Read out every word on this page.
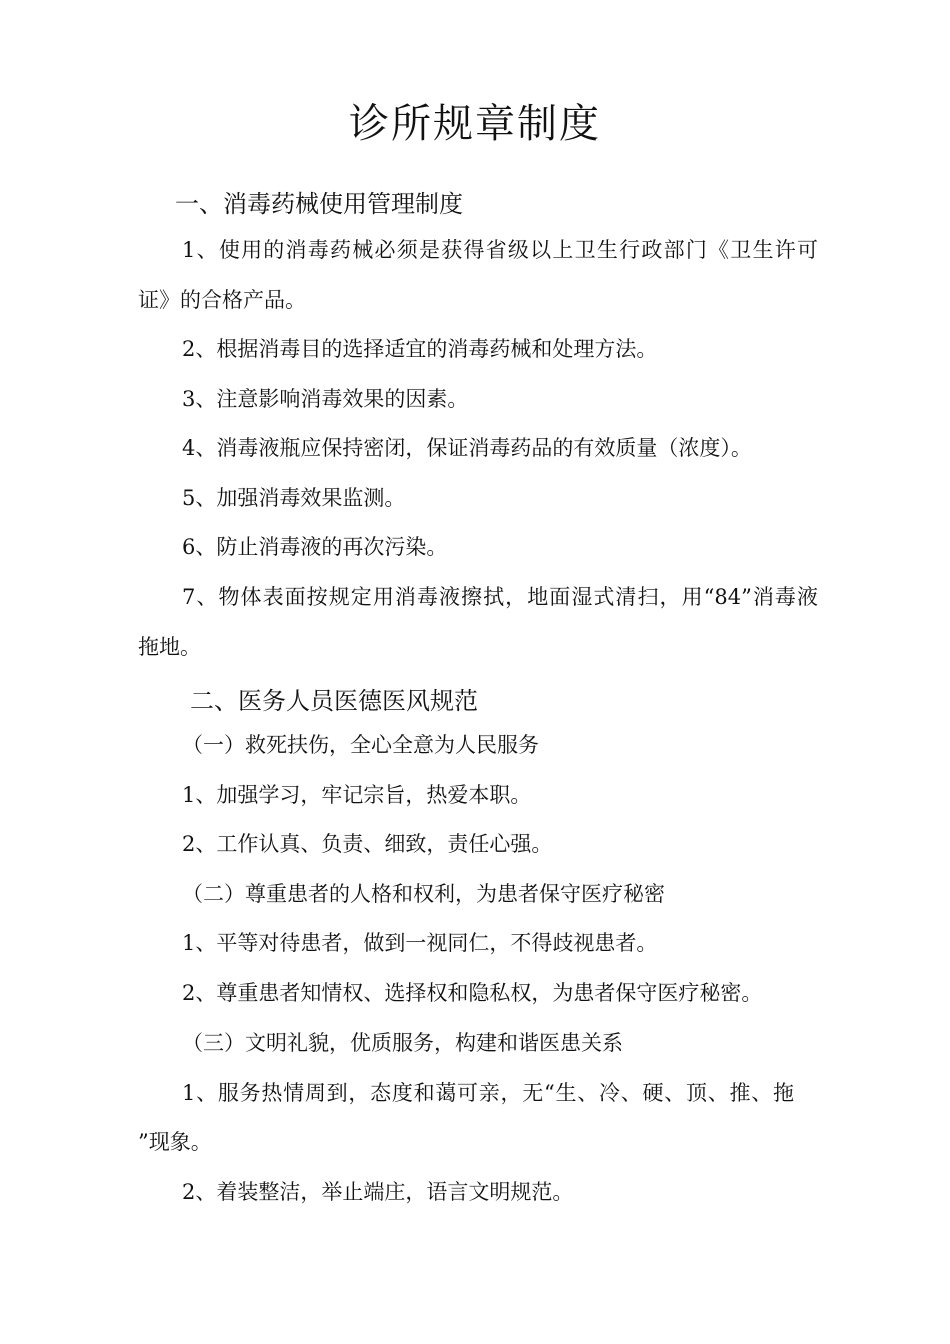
诊所规章制度
一、消毒药械使用管理制度
1、使用的消毒药械必须是获得省级以上卫生行政部门《卫生许可
证》的合格产品。
2、根据消毒目的选择适宜的消毒药械和处理方法。
3、注意影响消毒效果的因素。
4、消毒液瓶应保持密闭，保证消毒药品的有效质量（浓度）。
5、加强消毒效果监测。
6、防止消毒液的再次污染。
7、物体表面按规定用消毒液擦拭，地面湿式清扫，用“84”消毒液
拖地。
二、医务人员医德医风规范
（一）救死扶伤，全心全意为人民服务
1、加强学习，牢记宗旨，热爱本职。
2、工作认真、负责、细致，责任心强。
（二）尊重患者的人格和权利，为患者保守医疗秘密
1、平等对待患者，做到一视同仁，不得歧视患者。
2、尊重患者知情权、选择权和隐私权，为患者保守医疗秘密。
（三）文明礼貌，优质服务，构建和谐医患关系
1、服务热情周到，态度和蔼可亲，无“生、冷、硬、顶、推、拖
”现象。
2、着装整洁，举止端庄，语言文明规范。
